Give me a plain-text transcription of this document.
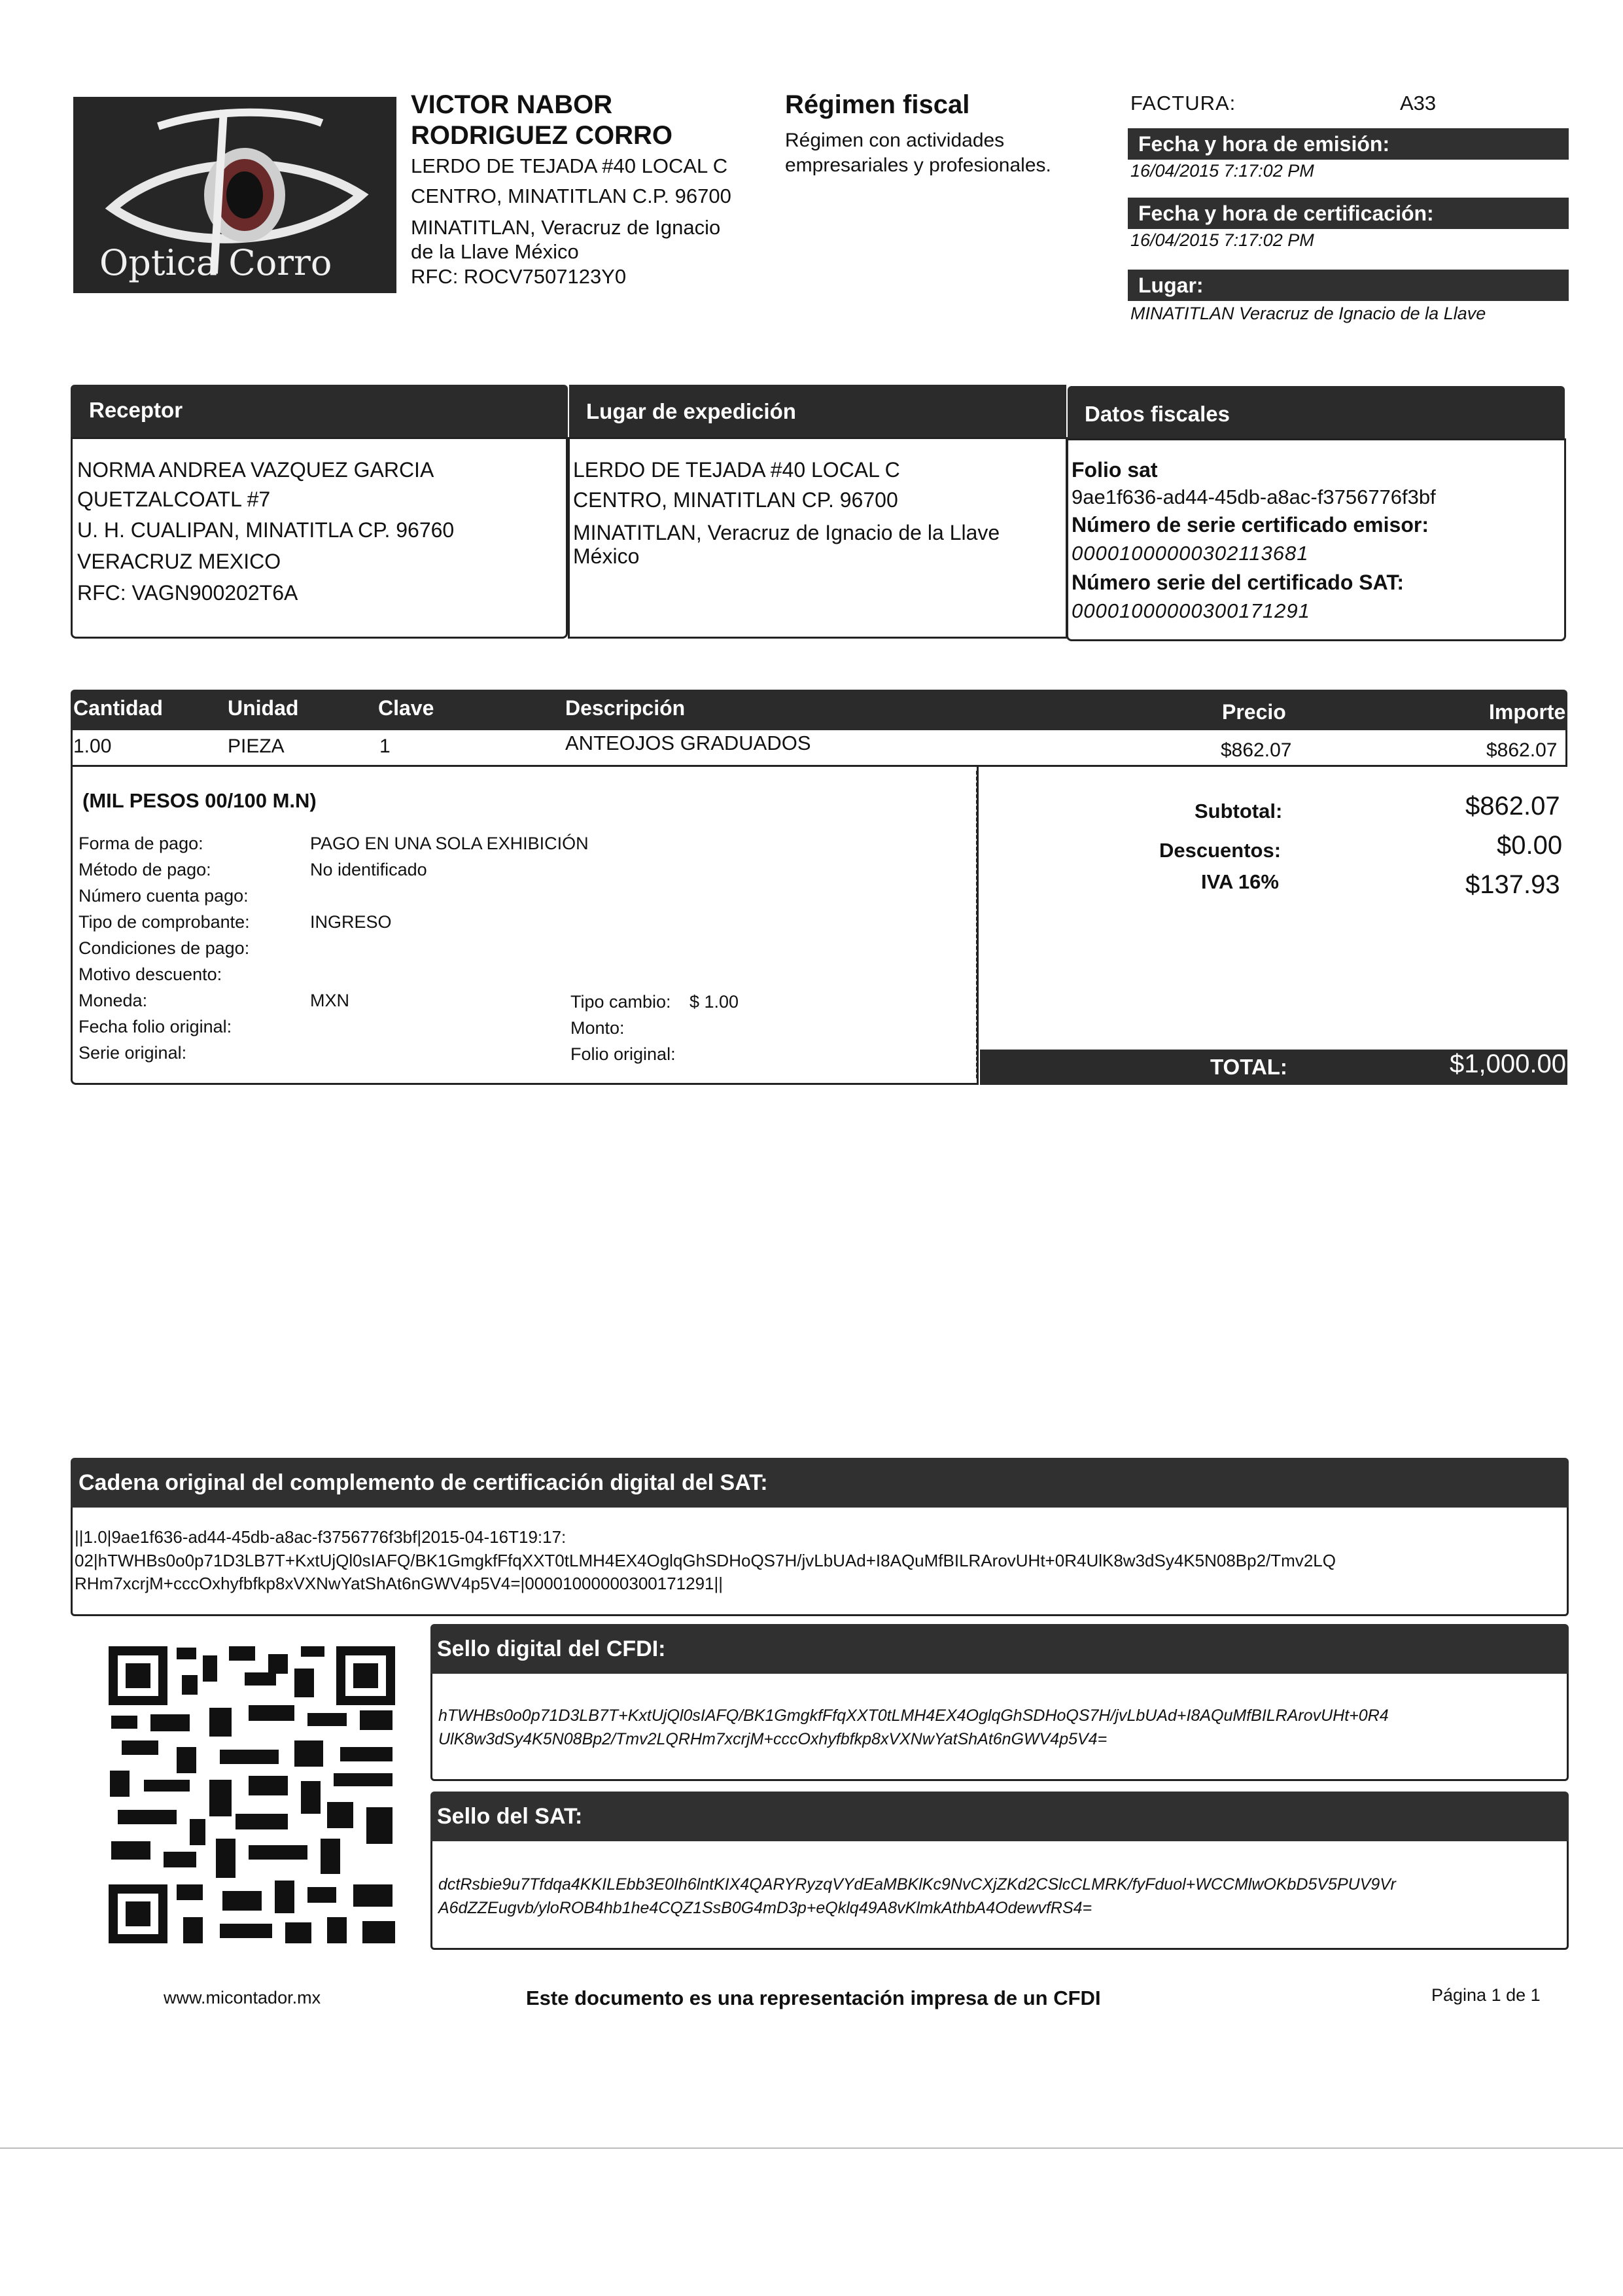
Optica Corro
VICTOR NABOR
RODRIGUEZ CORRO
LERDO DE TEJADA #40 LOCAL C
CENTRO, MINATITLAN C.P. 96700
MINATITLAN, Veracruz de Ignacio
de la Llave México
RFC: ROCV7507123Y0
Régimen fiscal
Régimen con actividades
empresariales y profesionales.
FACTURA:	A33
Fecha y hora de emisión:
16/04/2015 7:17:02 PM
Fecha y hora de certificación:
16/04/2015 7:17:02 PM
Lugar:
MINATITLAN Veracruz de Ignacio de la Llave
Receptor
NORMA ANDREA VAZQUEZ GARCIA
QUETZALCOATL #7
U. H. CUALIPAN, MINATITLA CP. 96760
VERACRUZ MEXICO
RFC: VAGN900202T6A
Lugar de expedición
LERDO DE TEJADA #40 LOCAL C
CENTRO, MINATITLAN CP. 96700
MINATITLAN, Veracruz de Ignacio de la Llave
México
Datos fiscales
Folio sat
9ae1f636-ad44-45db-a8ac-f3756776f3bf
Número de serie certificado emisor:
00001000000302113681
Número serie del certificado SAT:
00001000000300171291
Cantidad	Unidad	Clave	Descripción	Precio	Importe
1.00	PIEZA	1	ANTEOJOS GRADUADOS	$862.07	$862.07
(MIL PESOS 00/100 M.N)
Forma de pago:	PAGO EN UNA SOLA EXHIBICIÓN
Método de pago:	No identificado
Número cuenta pago:
Tipo de comprobante:	INGRESO
Condiciones de pago:
Motivo descuento:
Moneda:	MXN	Tipo cambio: $ 1.00
Fecha folio original:	Monto:
Serie original:	Folio original:
Subtotal:	$862.07
Descuentos:	$0.00
IVA 16%	$137.93
TOTAL:	$1,000.00
Cadena original del complemento de certificación digital del SAT:
||1.0|9ae1f636-ad44-45db-a8ac-f3756776f3bf|2015-04-16T19:17:
02|hTWHBs0o0p71D3LB7T+KxtUjQl0sIAFQ/BK1GmgkfFfqXXT0tLMH4EX4OglqGhSDHoQS7H/jvLbUAd+I8AQuMfBILRArovUHt+0R4UlK8w3dSy4K5N08Bp2/Tmv2LQ
RHm7xcrjM+cccOxhyfbfkp8xVXNwYatShAt6nGWV4p5V4=|00001000000300171291||
Sello digital del CFDI:
hTWHBs0o0p71D3LB7T+KxtUjQl0sIAFQ/BK1GmgkfFfqXXT0tLMH4EX4OglqGhSDHoQS7H/jvLbUAd+I8AQuMfBILRArovUHt+0R4
UlK8w3dSy4K5N08Bp2/Tmv2LQRHm7xcrjM+cccOxhyfbfkp8xVXNwYatShAt6nGWV4p5V4=
Sello del SAT:
dctRsbie9u7Tfdqa4KKILEbb3E0Ih6lntKIX4QARYRyzqVYdEaMBKlKc9NvCXjZKd2CSlcCLMRK/fyFduol+WCCMlwOKbD5V5PUV9Vr
A6dZZEugvb/yloROB4hb1he4CQZ1SsB0G4mD3p+eQklq49A8vKlmkAthbA4OdewvfRS4=
www.micontador.mx	Este documento es una representación impresa de un CFDI	Página 1 de 1
